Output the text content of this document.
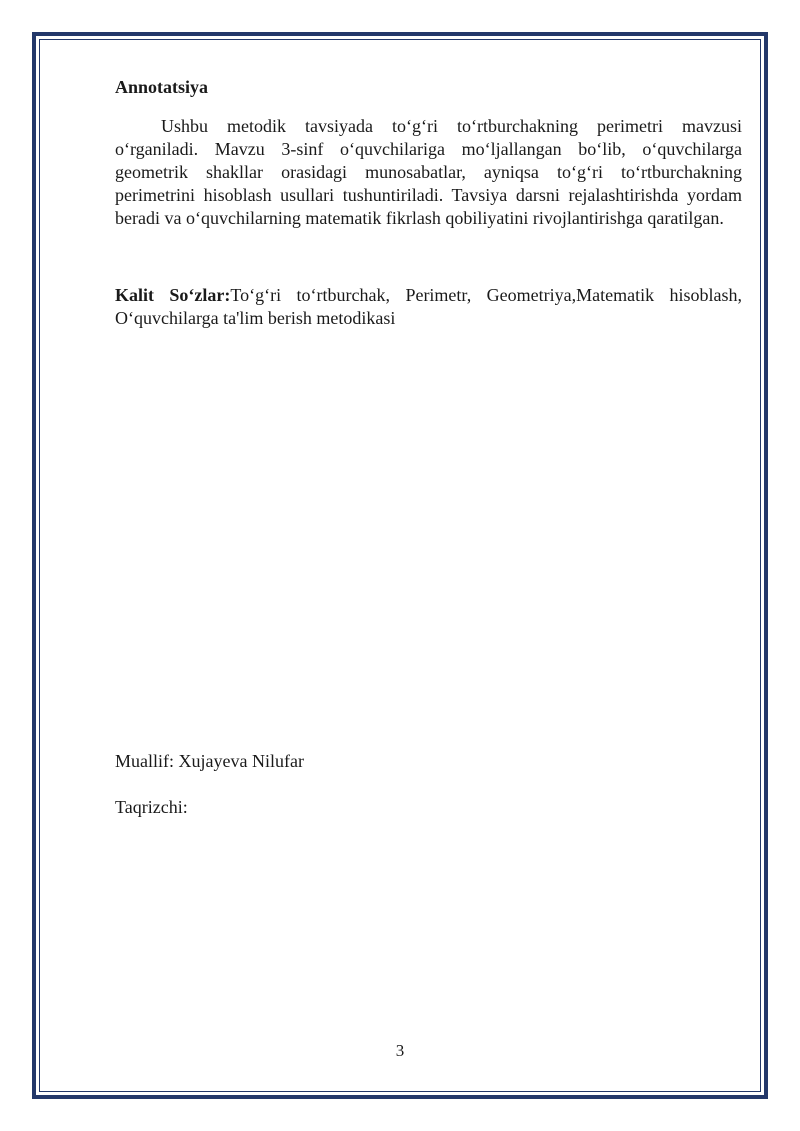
Annotatsiya

Ushbu metodik tavsiyada to‘g‘ri to‘rtburchakning perimetri mavzusi o‘rganiladi. Mavzu 3-sinf o‘quvchilariga mo‘ljallangan bo‘lib, o‘quvchilarga geometrik shakllar orasidagi munosabatlar, ayniqsa to‘g‘ri to‘rtburchakning perimetrini hisoblash usullari tushuntiriladi. Tavsiya darsni rejalashtirishda yordam beradi va o‘quvchilarning matematik fikrlash qobiliyatini rivojlantirishga qaratilgan.

Kalit So‘zlar:To‘g‘ri to‘rtburchak, Perimetr, Geometriya,Matematik hisoblash, O‘quvchilarga ta'lim berish metodikasi

Muallif: Xujayeva Nilufar

Taqrizchi:

3
